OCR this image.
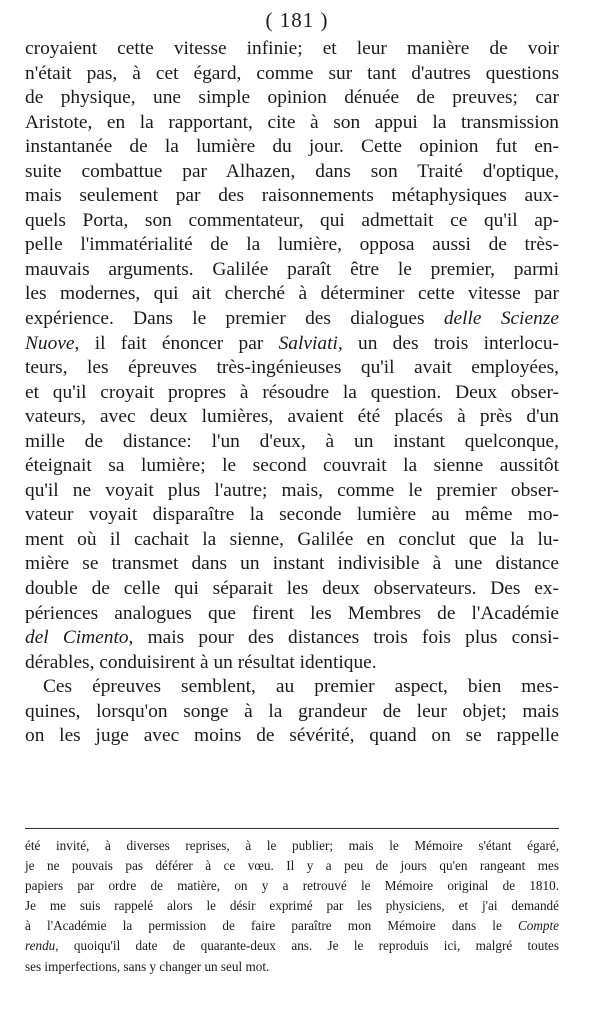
( 181 )
croyaient cette vitesse infinie; et leur manière de voir
n'était pas, à cet égard, comme sur tant d'autres questions
de physique, une simple opinion dénuée de preuves; car
Aristote, en la rapportant, cite à son appui la transmission
instantanée de la lumière du jour. Cette opinion fut en-
suite combattue par Alhazen, dans son Traité d'optique,
mais seulement par des raisonnements métaphysiques aux-
quels Porta, son commentateur, qui admettait ce qu'il ap-
pelle l'immatérialité de la lumière, opposa aussi de très-
mauvais arguments. Galilée paraît être le premier, parmi
les modernes, qui ait cherché à déterminer cette vitesse par
expérience. Dans le premier des dialogues delle Scienze
Nuove, il fait énoncer par Salviati, un des trois interlocu-
teurs, les épreuves très-ingénieuses qu'il avait employées,
et qu'il croyait propres à résoudre la question. Deux obser-
vateurs, avec deux lumières, avaient été placés à près d'un
mille de distance: l'un d'eux, à un instant quelconque,
éteignait sa lumière; le second couvrait la sienne aussitôt
qu'il ne voyait plus l'autre; mais, comme le premier obser-
vateur voyait disparaître la seconde lumière au même mo-
ment où il cachait la sienne, Galilée en conclut que la lu-
mière se transmet dans un instant indivisible à une distance
double de celle qui séparait les deux observateurs. Des ex-
périences analogues que firent les Membres de l'Académie
del Cimento, mais pour des distances trois fois plus consi-
dérables, conduisirent à un résultat identique.
Ces épreuves semblent, au premier aspect, bien mes-
quines, lorsqu'on songe à la grandeur de leur objet; mais
on les juge avec moins de sévérité, quand on se rappelle
été invité, à diverses reprises, à le publier; mais le Mémoire s'étant égaré,
je ne pouvais pas déférer à ce vœu. Il y a peu de jours qu'en rangeant mes
papiers par ordre de matière, on y a retrouvé le Mémoire original de 1810.
Je me suis rappelé alors le désir exprimé par les physiciens, et j'ai demandé
à l'Académie la permission de faire paraître mon Mémoire dans le Compte
rendu, quoiqu'il date de quarante-deux ans. Je le reproduis ici, malgré toutes
ses imperfections, sans y changer un seul mot.
